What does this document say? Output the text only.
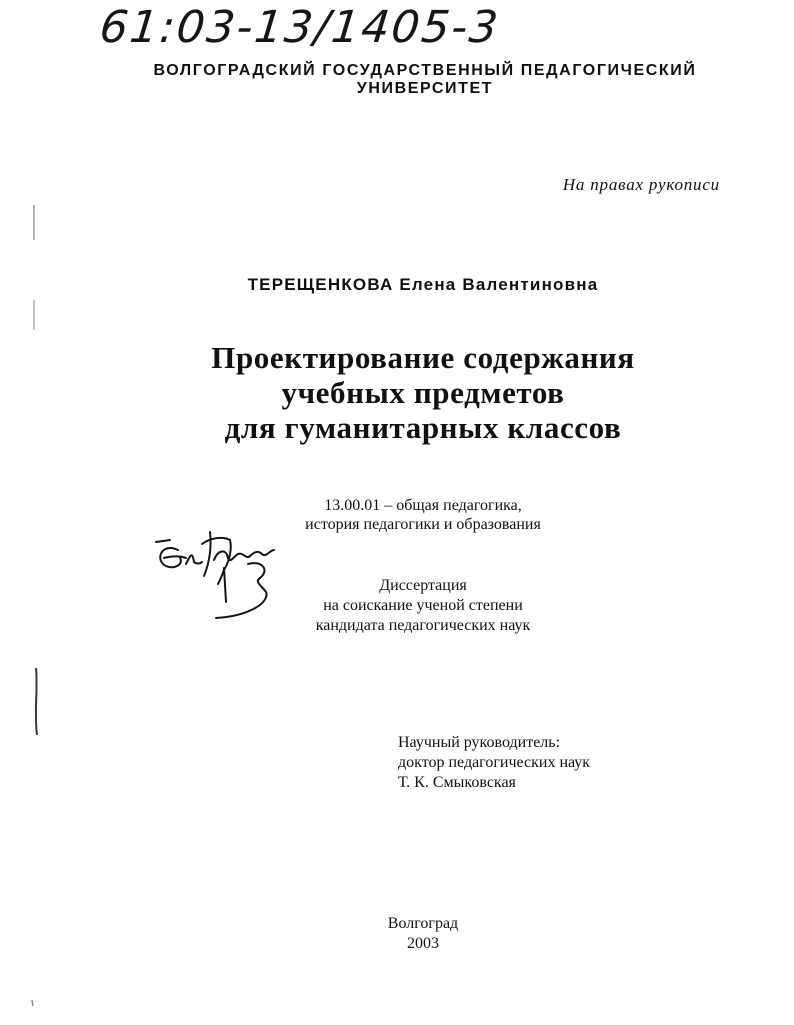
61:03-13/1405-3
ВОЛГОГРАДСКИЙ ГОСУДАРСТВЕННЫЙ ПЕДАГОГИЧЕСКИЙ
УНИВЕРСИТЕТ
На правах рукописи
ТЕРЕЩЕНКОВА Елена Валентиновна
Проектирование содержания
учебных предметов
для гуманитарных классов
13.00.01 – общая педагогика,
история педагогики и образования
Диссертация
на соискание ученой степени
кандидата педагогических наук
Научный руководитель:
доктор педагогических наук
Т. К. Смыковская
Волгоград
2003
